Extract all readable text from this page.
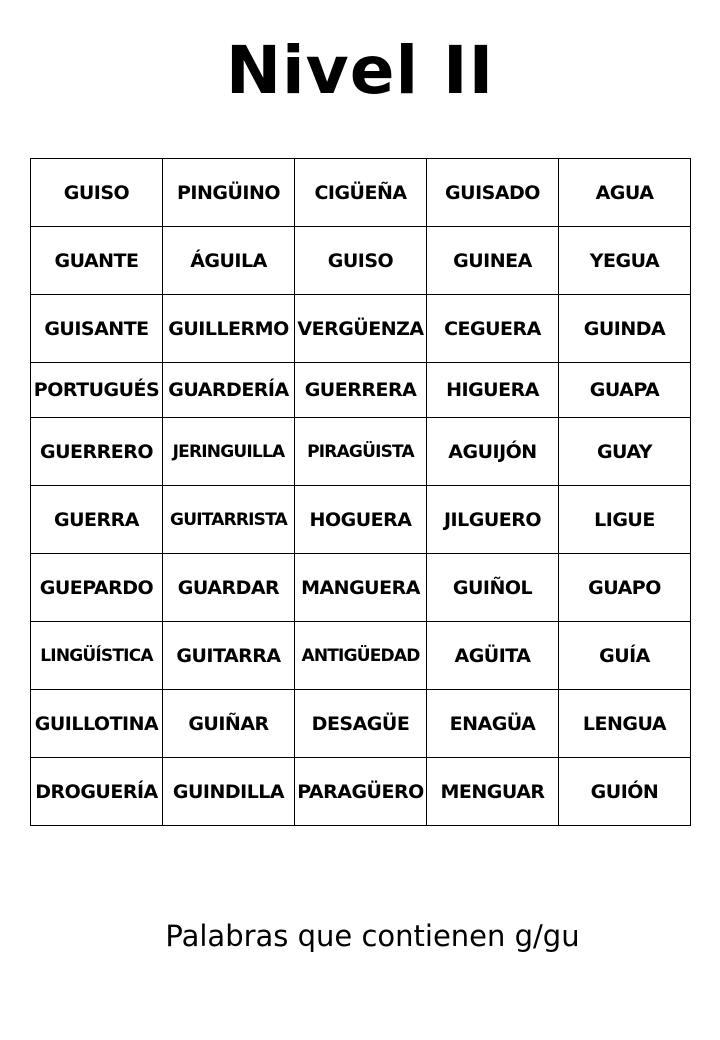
Nivel II
GUISO	PINGÜINO	CIGÜEÑA	GUISADO	AGUA
GUANTE	ÁGUILA	GUISO	GUINEA	YEGUA
GUISANTE	GUILLERMO	VERGÜENZA	CEGUERA	GUINDA
PORTUGUÉS	GUARDERÍA	GUERRERA	HIGUERA	GUAPA
GUERRERO	JERINGUILLA	PIRAGÜISTA	AGUIJÓN	GUAY
GUERRA	GUITARRISTA	HOGUERA	JILGUERO	LIGUE
GUEPARDO	GUARDAR	MANGUERA	GUIÑOL	GUAPO
LINGÜÍSTICA	GUITARRA	ANTIGÜEDAD	AGÜITA	GUÍA
GUILLOTINA	GUIÑAR	DESAGÜE	ENAGÜA	LENGUA
DROGUERÍA	GUINDILLA	PARAGÜERO	MENGUAR	GUIÓN
Palabras que contienen g/gu
